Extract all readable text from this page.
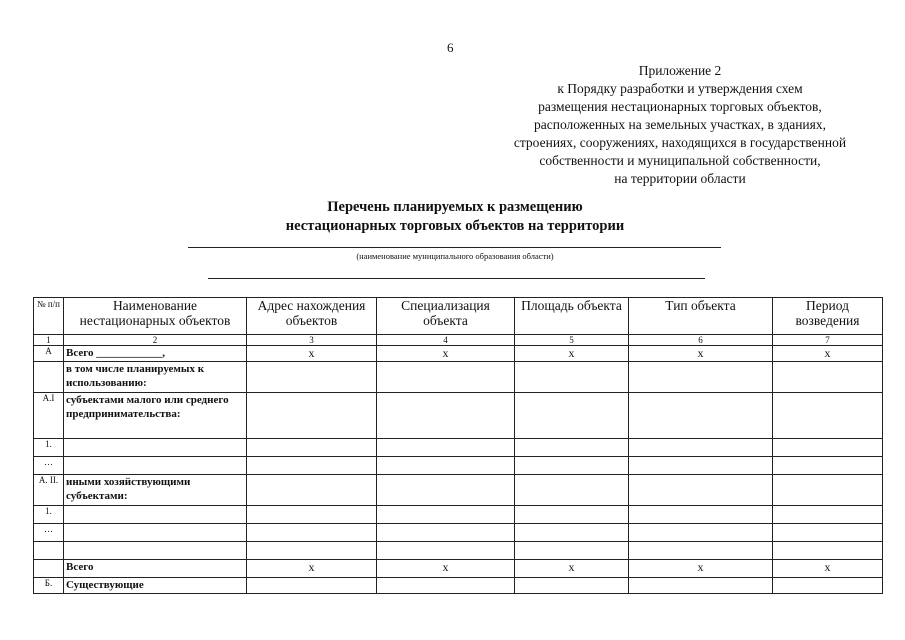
6
Приложение 2
к Порядку разработки и утверждения схем
размещения нестационарных торговых объектов,
расположенных на земельных участках, в зданиях,
строениях, сооружениях, находящихся в государственной
собственности и муниципальной собственности,
на территории области
Перечень планируемых к размещению
нестационарных торговых объектов на территории
(наименование муниципального образования области)
№ п/п	Наименование нестационарных объектов	Адрес нахождения объектов	Специализация объекта	Площадь объекта	Тип объекта	Период возведения
1	2	3	4	5	6	7
А	Всего ____________,	х	х	х	х	х
	в том числе планируемых к использованию:					
А.I	субъектами малого или среднего предпринимательства:					
1.						
…						
А. II.	иными хозяйствующими субъектами:					
1.						
…						

	Всего	х	х	х	х	х
Б.	Существующие					
